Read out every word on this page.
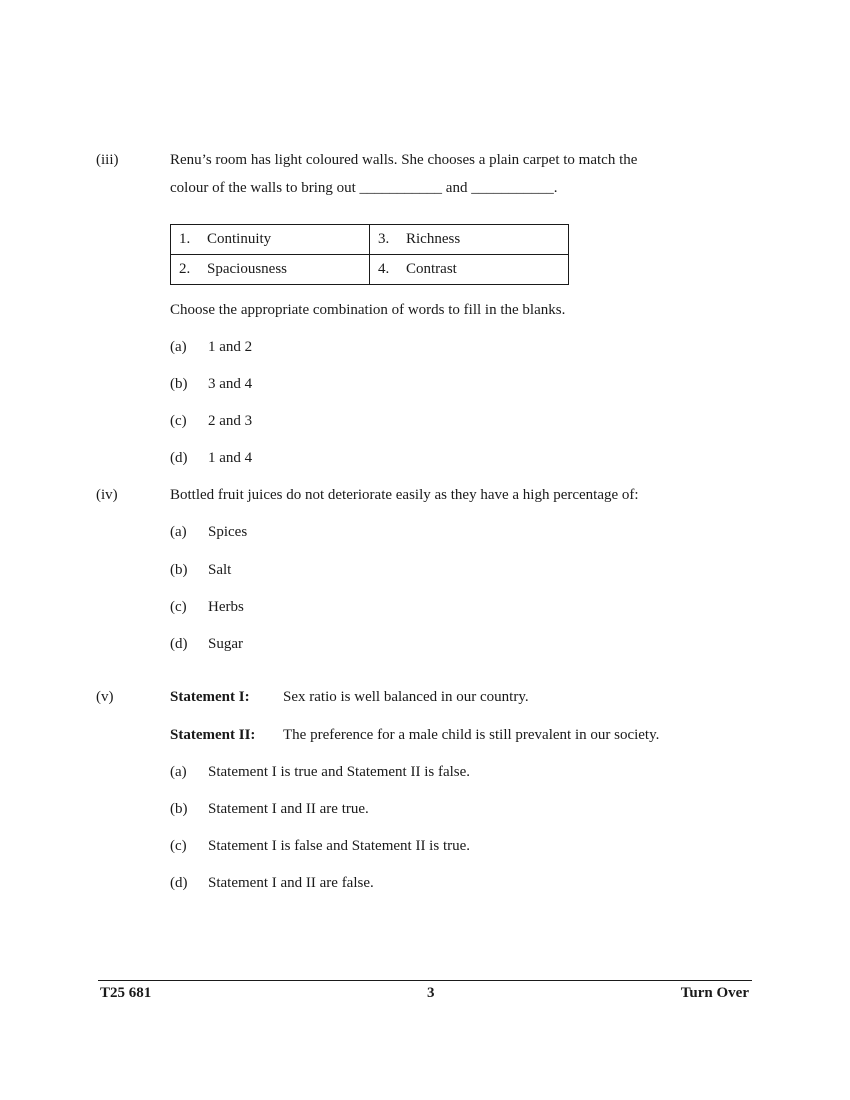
(iii)	Renu’s room has light coloured walls. She chooses a plain carpet to match the
colour of the walls to bring out ___________ and ___________.
1. Continuity	3. Richness
2. Spaciousness	4. Contrast
Choose the appropriate combination of words to fill in the blanks.
(a) 1 and 2
(b) 3 and 4
(c) 2 and 3
(d) 1 and 4
(iv)	Bottled fruit juices do not deteriorate easily as they have a high percentage of:
(a) Spices
(b) Salt
(c) Herbs
(d) Sugar
(v)	Statement I: Sex ratio is well balanced in our country.
Statement II: The preference for a male child is still prevalent in our society.
(a) Statement I is true and Statement II is false.
(b) Statement I and II are true.
(c) Statement I is false and Statement II is true.
(d) Statement I and II are false.
T25 681	3	Turn Over
